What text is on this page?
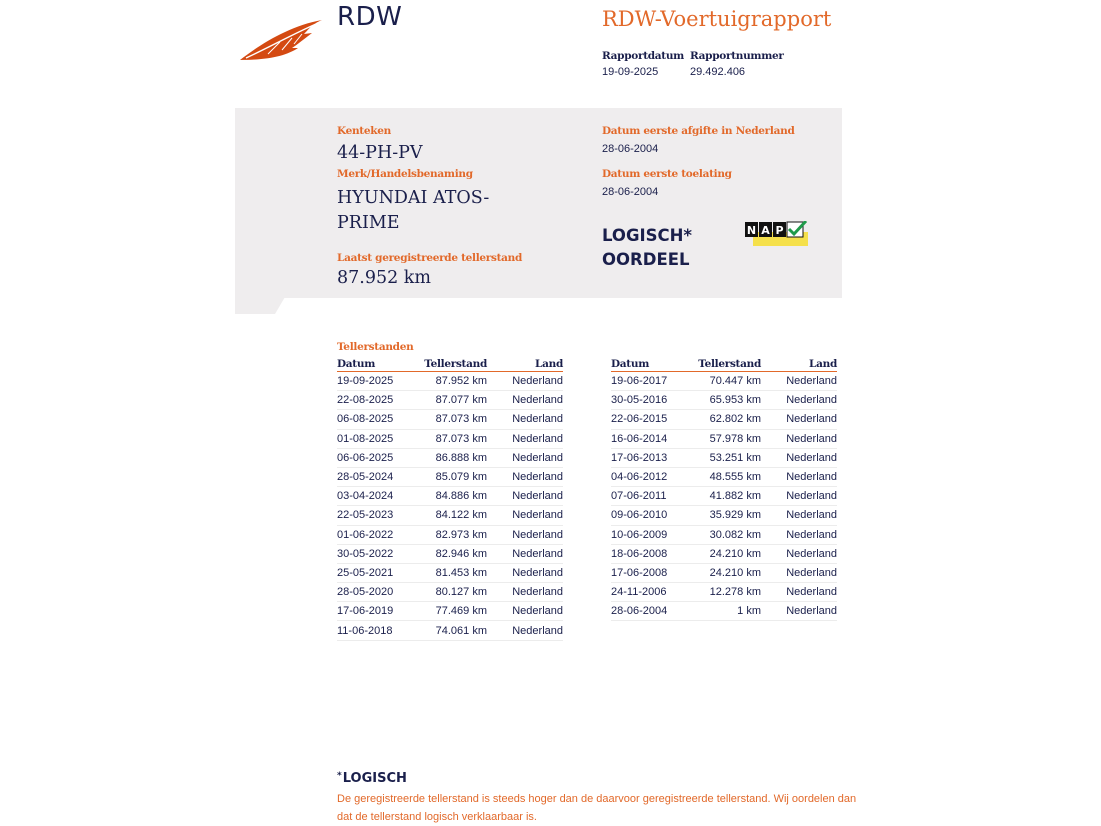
RDW	RDW-Voertuigrapport
Rapportdatum
19-09-2025
Rapportnummer
29.492.406
Kenteken
44-PH-PV
Merk/Handelsbenaming
HYUNDAI ATOS-
PRIME
Laatst geregistreerde tellerstand
87.952 km
Datum eerste afgifte in Nederland
28-06-2004
Datum eerste toelating
28-06-2004
LOGISCH*
OORDEEL
N A P
Tellerstanden
Datum	Tellerstand	Land
19-09-2025	87.952 km	Nederland
22-08-2025	87.077 km	Nederland
06-08-2025	87.073 km	Nederland
01-08-2025	87.073 km	Nederland
06-06-2025	86.888 km	Nederland
28-05-2024	85.079 km	Nederland
03-04-2024	84.886 km	Nederland
22-05-2023	84.122 km	Nederland
01-06-2022	82.973 km	Nederland
30-05-2022	82.946 km	Nederland
25-05-2021	81.453 km	Nederland
28-05-2020	80.127 km	Nederland
17-06-2019	77.469 km	Nederland
11-06-2018	74.061 km	Nederland
Datum	Tellerstand	Land
19-06-2017	70.447 km	Nederland
30-05-2016	65.953 km	Nederland
22-06-2015	62.802 km	Nederland
16-06-2014	57.978 km	Nederland
17-06-2013	53.251 km	Nederland
04-06-2012	48.555 km	Nederland
07-06-2011	41.882 km	Nederland
09-06-2010	35.929 km	Nederland
10-06-2009	30.082 km	Nederland
18-06-2008	24.210 km	Nederland
17-06-2008	24.210 km	Nederland
24-11-2006	12.278 km	Nederland
28-06-2004	1 km	Nederland
*LOGISCH
De geregistreerde tellerstand is steeds hoger dan de daarvoor geregistreerde tellerstand. Wij oordelen dan dat de tellerstand logisch verklaarbaar is.
